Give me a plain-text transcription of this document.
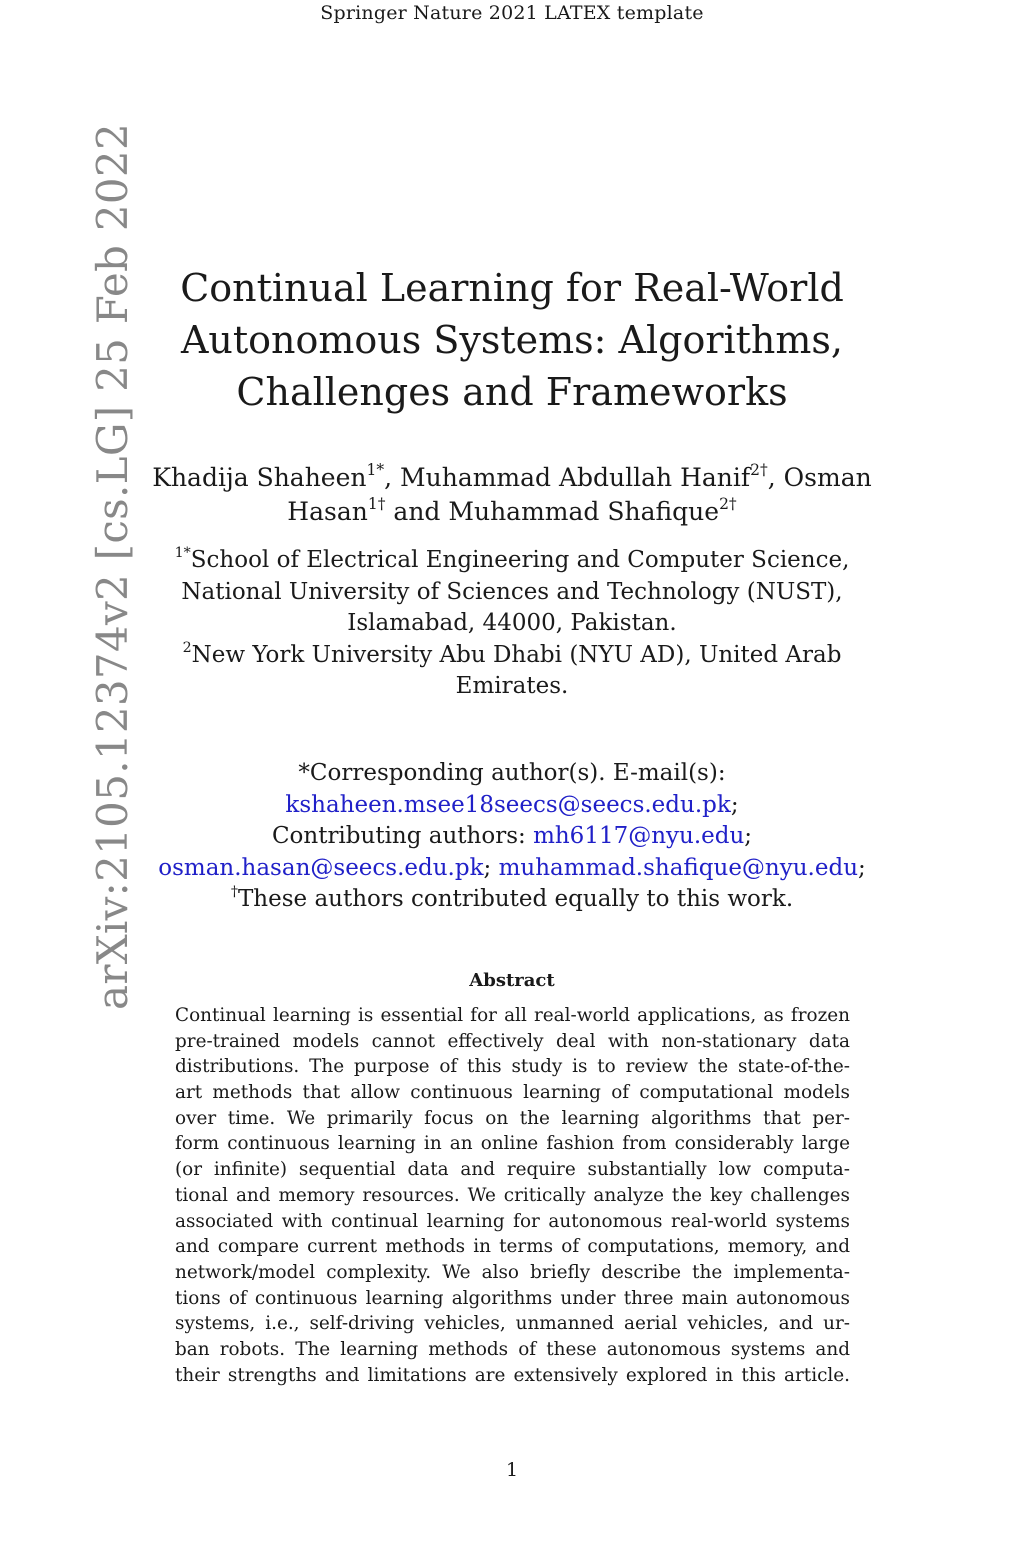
Springer Nature 2021 LATEX template
arXiv:2105.12374v2 [cs.LG] 25 Feb 2022	Continual Learning for Real-World
Autonomous Systems: Algorithms,
Challenges and Frameworks
Khadija Shaheen$^{1*}$, Muhammad Abdullah Hanif$^{2\dagger}$, Osman
Hasan$^{1\dagger}$ and Muhammad Shafique$^{2\dagger}$
$^{1*}$School of Electrical Engineering and Computer Science,
National University of Sciences and Technology (NUST),
Islamabad, 44000, Pakistan.
$^2$New York University Abu Dhabi (NYU AD), United Arab
Emirates.
*Corresponding author(s). E-mail(s):
kshaheen.msee18seecs@seecs.edu.pk;
Contributing authors: mh6117@nyu.edu;
osman.hasan@seecs.edu.pk; muhammad.shafique@nyu.edu;
†These authors contributed equally to this work.
Abstract
Continual learning is essential for all real-world applications, as frozen
pre-trained models cannot effectively deal with non-stationary data
distributions. The purpose of this study is to review the state-of-the-
art methods that allow continuous learning of computational models
over time. We primarily focus on the learning algorithms that per-
form continuous learning in an online fashion from considerably large
(or infinite) sequential data and require substantially low computa-
tional and memory resources. We critically analyze the key challenges
associated with continual learning for autonomous real-world systems
and compare current methods in terms of computations, memory, and
network/model complexity. We also briefly describe the implementa-
tions of continuous learning algorithms under three main autonomous
systems, i.e., self-driving vehicles, unmanned aerial vehicles, and ur-
ban robots. The learning methods of these autonomous systems and
their strengths and limitations are extensively explored in this article.
1
